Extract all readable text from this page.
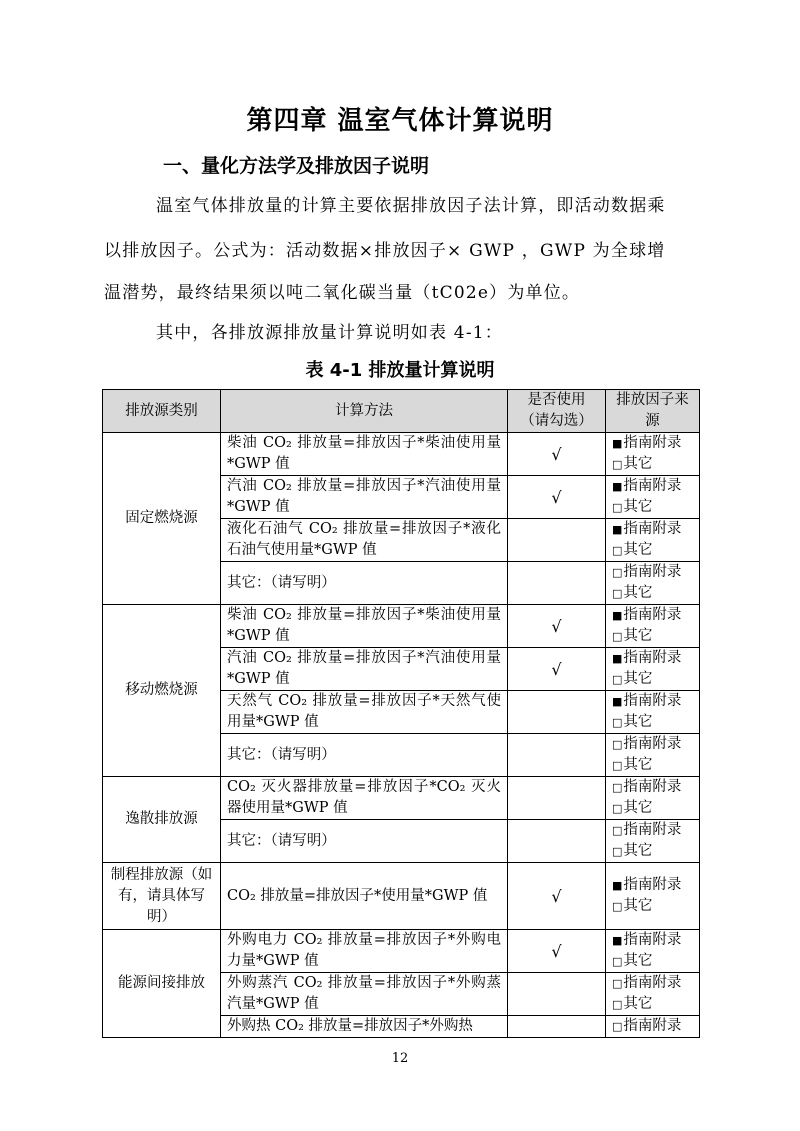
第四章 温室气体计算说明
一、量化方法学及排放因子说明

温室气体排放量的计算主要依据排放因子法计算，即活动数据乘

以排放因子。公式为：活动数据×排放因子× GWP ，GWP 为全球增

温潜势，最终结果须以吨二氧化碳当量（tC02e）为单位。

其中，各排放源排放量计算说明如表 4-1：

表 4-1 排放量计算说明

排放源类别	计算方法	是否使用（请勾选）	排放因子来源
固定燃烧源	柴油 CO₂ 排放量=排放因子*柴油使用量*GWP 值	√	■指南附录
□其它

	汽油 CO₂ 排放量=排放因子*汽油使用量*GWP 值	√	■指南附录
□其它

	液化石油气 CO₂ 排放量=排放因子*液化石油气使用量*GWP 值		■指南附录
□其它

	其它：（请写明）		□指南附录
□其它

移动燃烧源	柴油 CO₂ 排放量=排放因子*柴油使用量*GWP 值	√	■指南附录
□其它

	汽油 CO₂ 排放量=排放因子*汽油使用量*GWP 值	√	■指南附录
□其它

	天然气 CO₂ 排放量=排放因子*天然气使用量*GWP 值		■指南附录
□其它

	其它：（请写明）		□指南附录
□其它

逸散排放源	CO₂ 灭火器排放量=排放因子*CO₂ 灭火器使用量*GWP 值		□指南附录
□其它

	其它：（请写明）		□指南附录
□其它

制程排放源（如有，请具体写明）	CO₂ 排放量=排放因子*使用量*GWP 值	√	■指南附录
□其它

能源间接排放	外购电力 CO₂ 排放量=排放因子*外购电力量*GWP 值	√	■指南附录
□其它

	外购蒸汽 CO₂ 排放量=排放因子*外购蒸汽量*GWP 值		□指南附录
□其它

	外购热 CO₂ 排放量=排放因子*外购热		□指南附录

12
